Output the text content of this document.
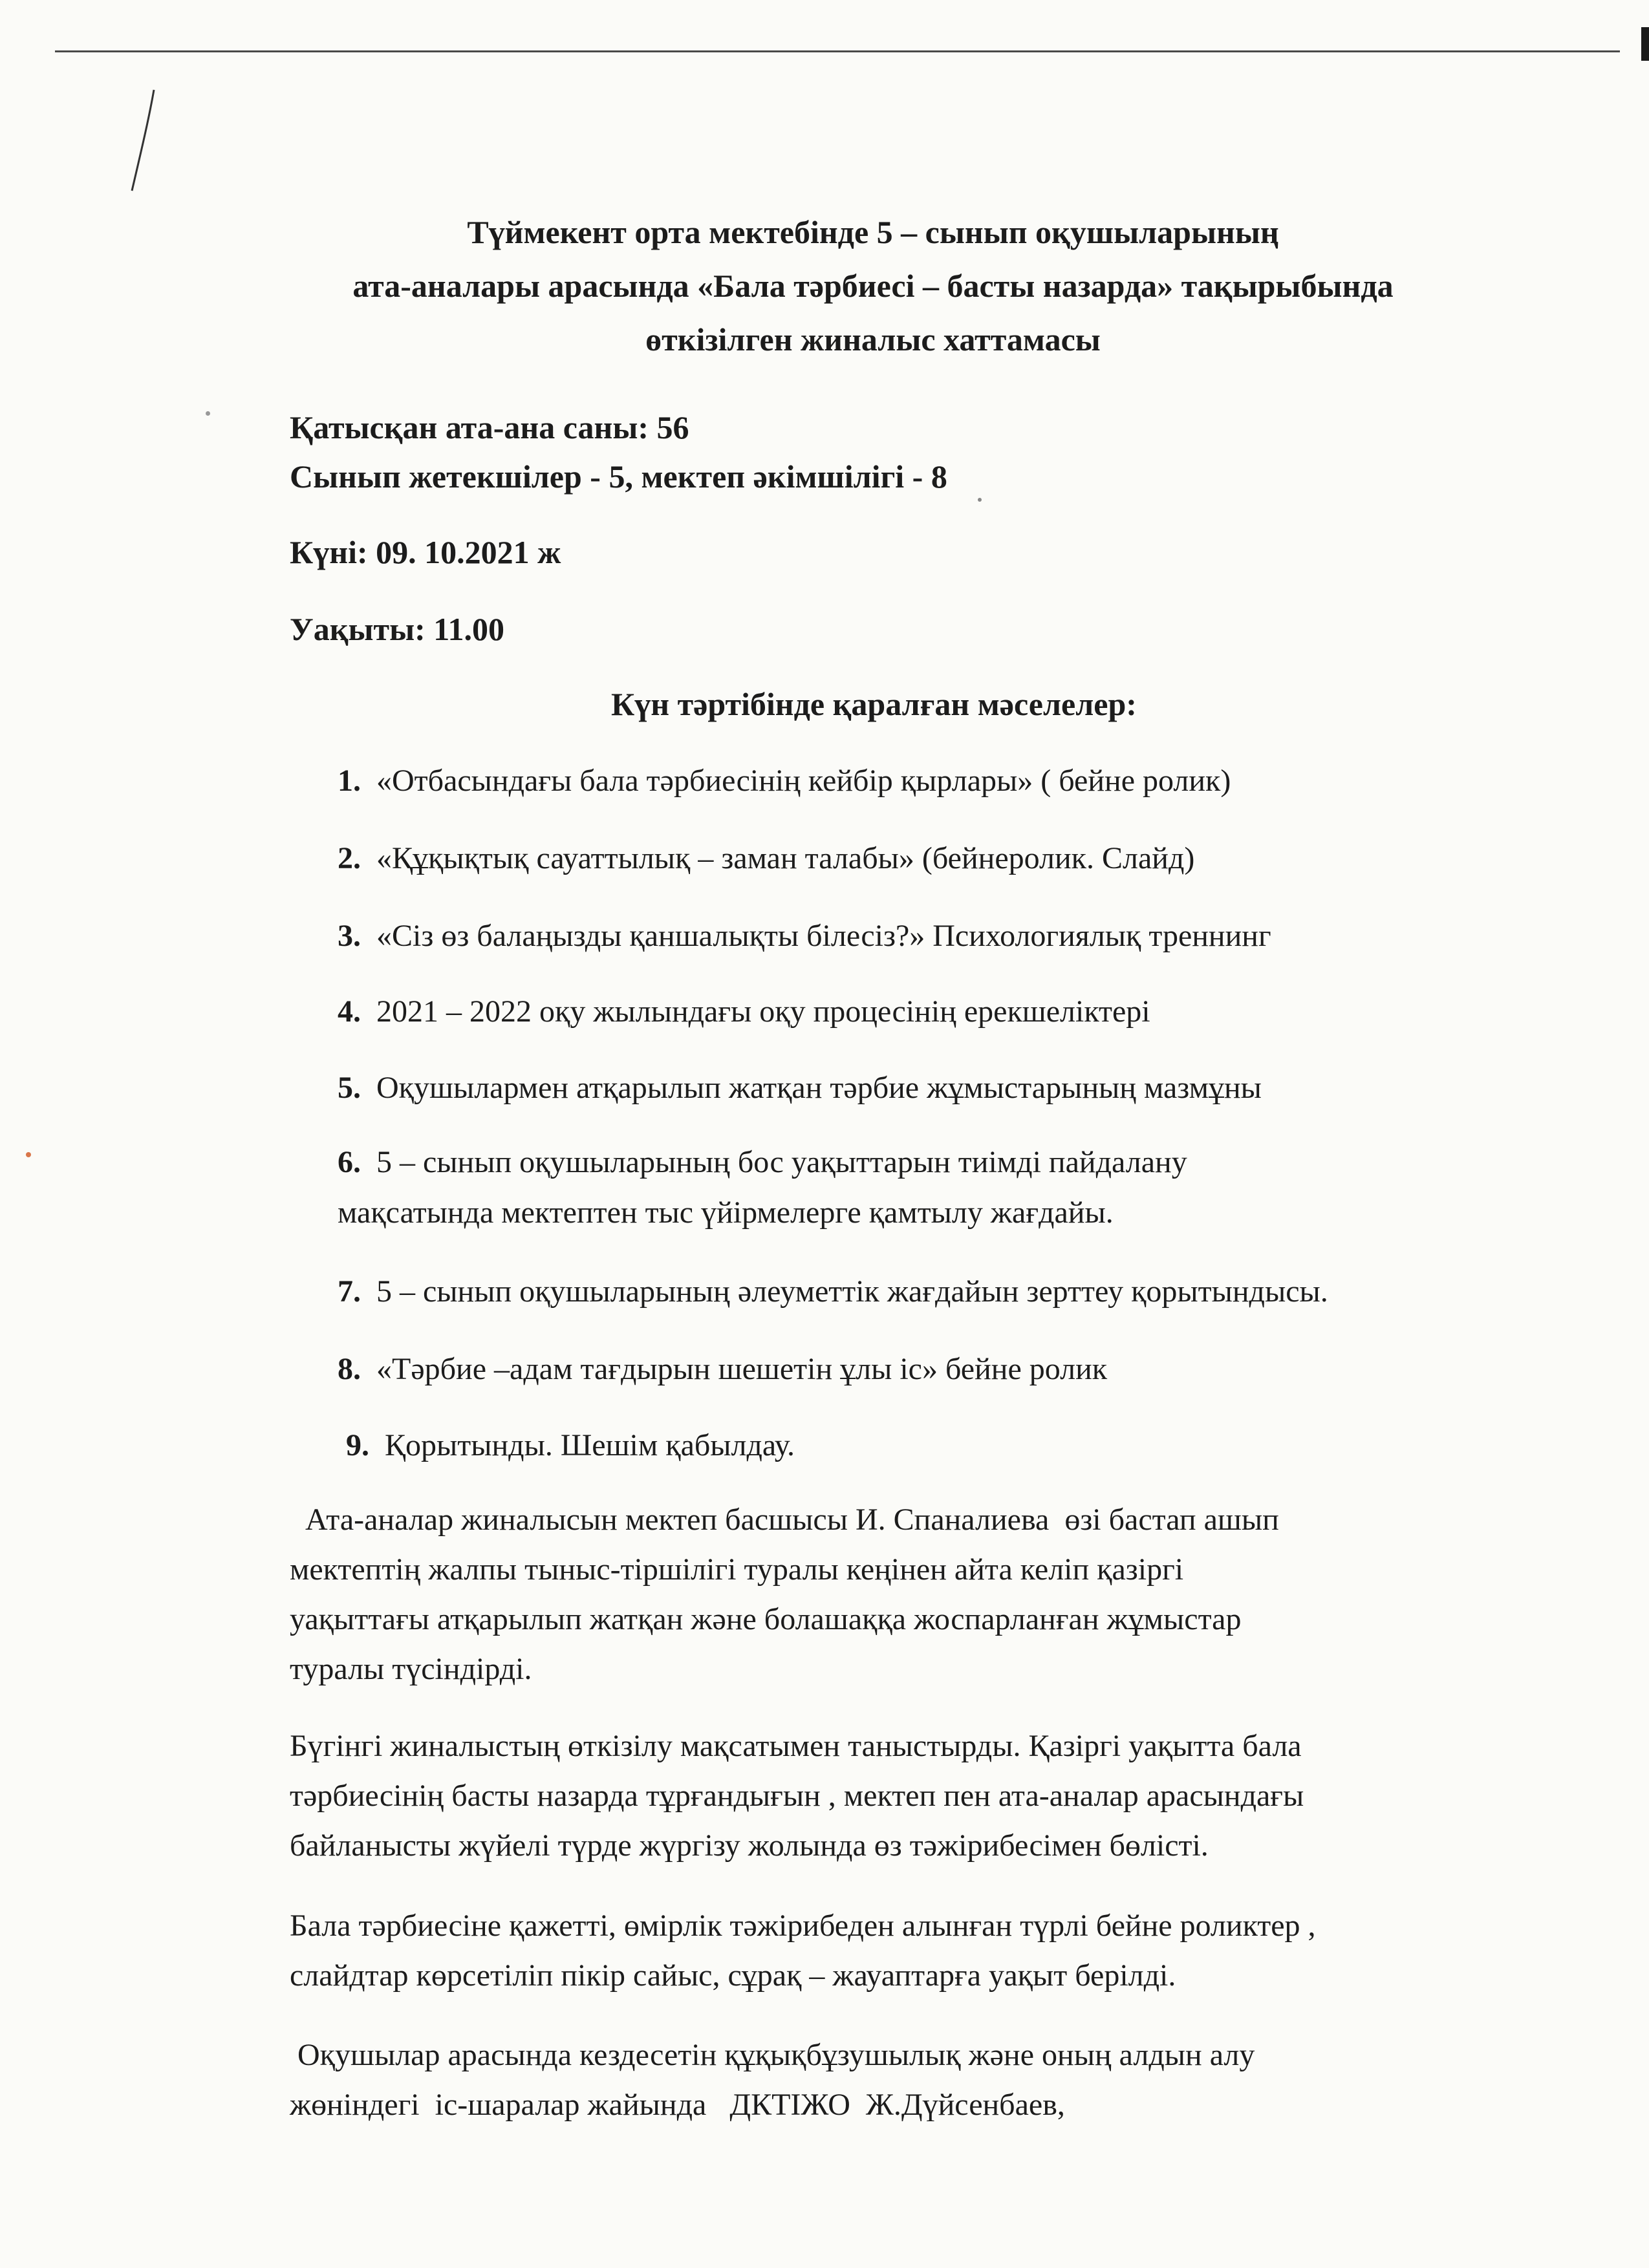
Түймекент орта мектебінде 5 – сынып оқушыларының
ата-аналары арасында «Бала тәрбиесі – басты назарда» тақырыбында
өткізілген жиналыс хаттамасы
Қатысқан ата-ана саны: 56
Сынып жетекшілер - 5, мектеп әкімшілігі - 8
Күні: 09. 10.2021 ж
Уақыты: 11.00
Күн тәртібінде қаралған мәселелер:
1. «Отбасындағы бала тәрбиесінің кейбір қырлары» ( бейне ролик)
2. «Құқықтық сауаттылық – заман талабы» (бейнеролик. Слайд)
3. «Сіз өз балаңызды қаншалықты білесіз?» Психологиялық треннинг
4. 2021 – 2022 оқу жылындағы оқу процесінің ерекшеліктері
5. Оқушылармен атқарылып жатқан тәрбие жұмыстарының мазмұны
6. 5 – сынып оқушыларының бос уақыттарын тиімді пайдалану
мақсатында мектептен тыс үйірмелерге қамтылу жағдайы.
7. 5 – сынып оқушыларының әлеуметтік жағдайын зерттеу қорытындысы.
8. «Тәрбие –адам тағдырын шешетін ұлы іс» бейне ролик
9. Қорытынды. Шешім қабылдау.
Ата-аналар жиналысын мектеп басшысы И. Спаналиева  өзі бастап ашып
мектептің жалпы тыныс-тіршілігі туралы кеңінен айта келіп қазіргі
уақыттағы атқарылып жатқан және болашаққа жоспарланған жұмыстар
туралы түсіндірді.
Бүгінгі жиналыстың өткізілу мақсатымен таныстырды. Қазіргі уақытта бала
тәрбиесінің басты назарда тұрғандығын , мектеп пен ата-аналар арасындағы
байланысты жүйелі түрде жүргізу жолында өз тәжірибесімен бөлісті.
Бала тәрбиесіне қажетті, өмірлік тәжірибеден алынған түрлі бейне роликтер ,
слайдтар көрсетіліп пікір сайыс, сұрақ – жауаптарға уақыт берілді.
Оқушылар арасында кездесетін құқықбұзушылық және оның алдын алу
жөніндегі  іс-шаралар жайында   ДКТІЖО  Ж.Дүйсенбаев,
